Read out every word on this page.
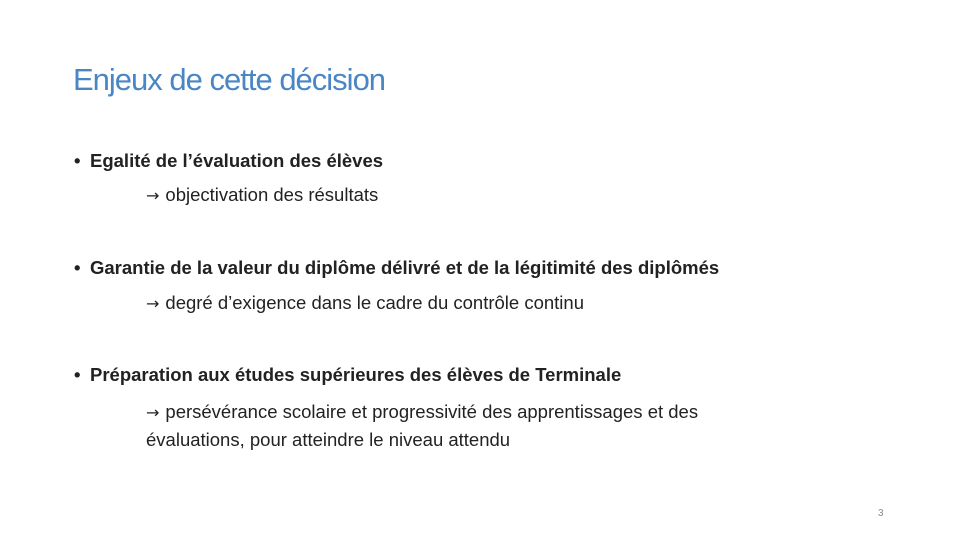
Enjeux de cette décision
• Egalité de l’évaluation des élèves
→ objectivation des résultats
• Garantie de la valeur du diplôme délivré et de la légitimité des diplômés
→ degré d’exigence dans le cadre du contrôle continu
• Préparation aux études supérieures des élèves de Terminale
→ persévérance scolaire et progressivité des apprentissages et des
évaluations, pour atteindre le niveau attendu
3
